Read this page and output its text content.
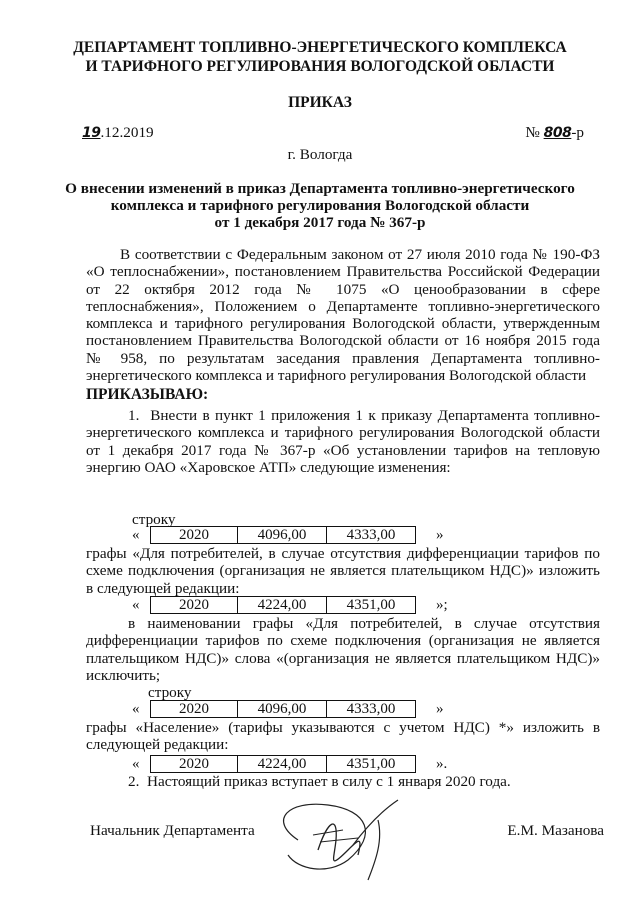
ДЕПАРТАМЕНТ ТОПЛИВНО-ЭНЕРГЕТИЧЕСКОГО КОМПЛЕКСА
И ТАРИФНОГО РЕГУЛИРОВАНИЯ ВОЛОГОДСКОЙ ОБЛАСТИ
ПРИКАЗ
19.12.2019	№ 808-р
г. Вологда
О внесении изменений в приказ Департамента топливно-энергетического
комплекса и тарифного регулирования Вологодской области
от 1 декабря 2017 года № 367-р
В соответствии с Федеральным законом от 27 июля 2010 года № 190-ФЗ «О теплоснабжении», постановлением Правительства Российской Федерации от 22 октября 2012 года № 1075 «О ценообразовании в сфере теплоснабжения», Положением о Департаменте топливно-энергетического комплекса и тарифного регулирования Вологодской области, утвержденным постановлением Правительства Вологодской области от 16 ноября 2015 года № 958, по результатам заседания правления Департамента топливно-энергетического комплекса и тарифного регулирования Вологодской области
ПРИКАЗЫВАЮ:
1.  Внести в пункт 1 приложения 1 к приказу Департамента топливно-энергетического комплекса и тарифного регулирования Вологодской области от 1 декабря 2017 года № 367-р «Об установлении тарифов на тепловую энергию ОАО «Харовское АТП» следующие изменения:
строку
«	2020	4096,00	4333,00	»
графы «Для потребителей, в случае отсутствия дифференциации тарифов по схеме подключения (организация не является плательщиком НДС)» изложить в следующей редакции:
«	2020	4224,00	4351,00	»;
в наименовании графы «Для потребителей, в случае отсутствия дифференциации тарифов по схеме подключения (организация не является плательщиком НДС)» слова «(организация не является плательщиком НДС)» исключить;
строку
«	2020	4096,00	4333,00	»
графы «Население» (тарифы указываются с учетом НДС) *» изложить в следующей редакции:
«	2020	4224,00	4351,00	».
2.  Настоящий приказ вступает в силу с 1 января 2020 года.
Начальник Департамента	Е.М. Мазанова
